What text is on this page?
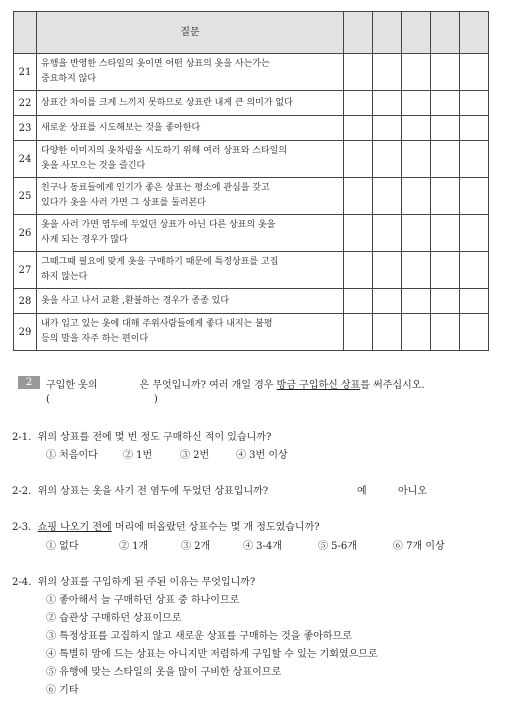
	질문					
21	유행을 반영한 스타일의 옷이면 어떤 상표의 옷을 사는가는
중요하지 않다					
22	상표간 차이를 크게 느끼지 못하므로 상표란 내게 큰 의미가 없다					
23	새로운 상표를 시도해보는 것을 좋아한다					
24	다양한 이미지의 옷차림을 시도하기 위해 여러 상표와 스타일의
옷을 사모으는 것을 즐긴다					
25	친구나 동료들에게 인기가 좋은 상표는 평소에 관심을 갖고
있다가 옷을 사러 가면 그 상표를 둘러본다					
26	옷을 사러 가면 염두에 두었던 상표가 아닌 다른 상표의 옷을
사게 되는 경우가 많다					
27	그때그때 필요에 맞게 옷을 구매하기 때문에 특정상표를 고집
하지 않는다					
28	옷을 사고 나서 교환 ,환불하는 경우가 종종 있다					
29	내가 입고 있는 옷에 대해 주위사람들에게 좋다 내지는 불평
등의 말을 자주 하는 편이다					
2	구입한 옷의	은 무엇입니까? 여러 개일 경우 방금 구입하신 상표를 써주십시오.
(	)
2-1. 위의 상표를 전에 몇 번 정도 구매하신 적이 있습니까?
① 처음이다	② 1번	③ 2번	④ 3번 이상
2-2. 위의 상표는 옷을 사기 전 염두에 두었던 상표입니까?	예	아니오
2-3. 쇼핑 나오기 전에 머리에 떠올랐던 상표수는 몇 개 정도였습니까?
① 없다	② 1개	③ 2개	④ 3-4개	⑤ 5-6개	⑥ 7개 이상
2-4. 위의 상표를 구입하게 된 주된 이유는 무엇입니까?
① 좋아해서 늘 구매하던 상표 중 하나이므로
② 습관상 구매하던 상표이므로
③ 특정상표를 고집하지 않고 새로운 상표를 구매하는 것을 좋아하므로
④ 특별히 맘에 드는 상표는 아니지만 저렴하게 구입할 수 있는 기회였으므로
⑤ 유행에 맞는 스타일의 옷을 많이 구비한 상표이므로
⑥ 기타
